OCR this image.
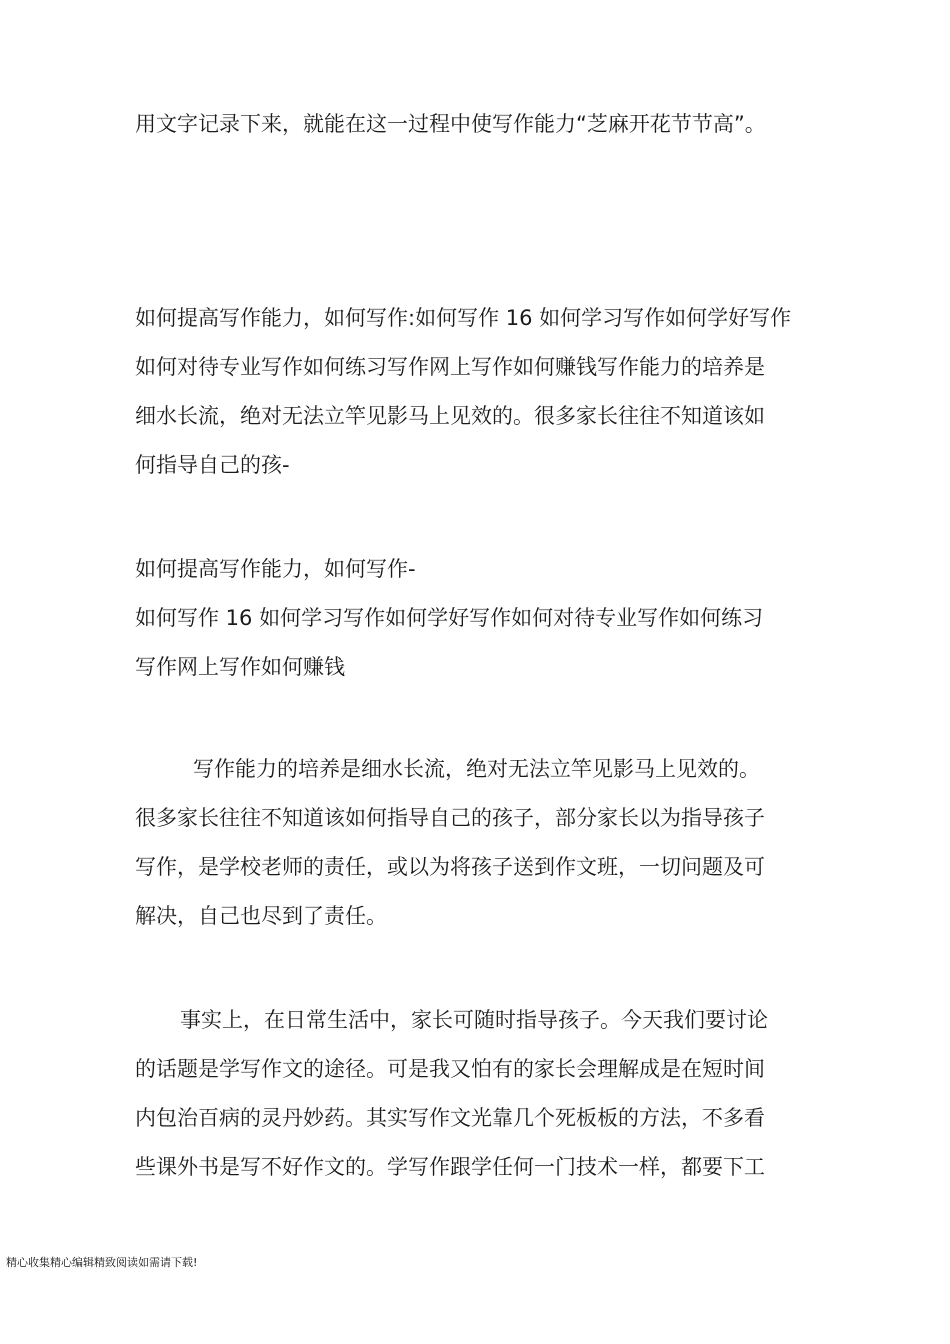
用文字记录下来，就能在这一过程中使写作能力“芝麻开花节节高”。
如何提高写作能力，如何写作:如何写作 16 如何学习写作如何学好写作
如何对待专业写作如何练习写作网上写作如何赚钱写作能力的培养是
细水长流，绝对无法立竿见影马上见效的。很多家长往往不知道该如
何指导自己的孩-
如何提高写作能力，如何写作-
如何写作 16 如何学习写作如何学好写作如何对待专业写作如何练习
写作网上写作如何赚钱
写作能力的培养是细水长流，绝对无法立竿见影马上见效的。
很多家长往往不知道该如何指导自己的孩子，部分家长以为指导孩子
写作，是学校老师的责任，或以为将孩子送到作文班，一切问题及可
解决，自己也尽到了责任。
事实上，在日常生活中，家长可随时指导孩子。今天我们要讨论
的话题是学写作文的途径。可是我又怕有的家长会理解成是在短时间
内包治百病的灵丹妙药。其实写作文光靠几个死板板的方法，不多看
些课外书是写不好作文的。学写作跟学任何一门技术一样，都要下工
精心收集精心编辑精致阅读如需请下载!
